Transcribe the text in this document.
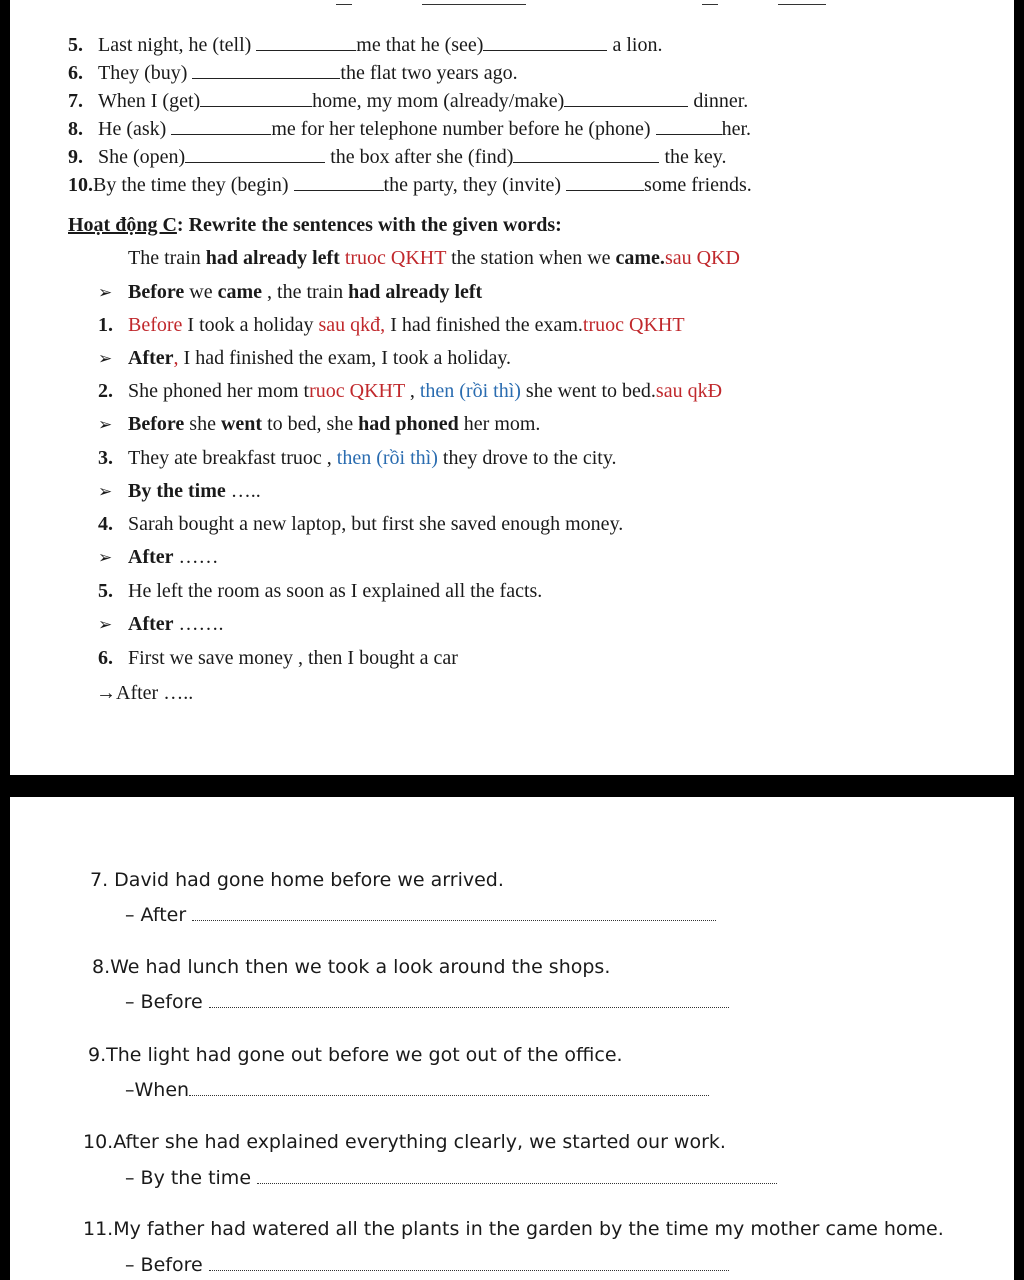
5. Last night, he (tell)	me that he (see)	a lion.
6. They (buy)	the flat two years ago.
7. When I (get)	home, my mom (already/make)	dinner.
8. He (ask)	me for her telephone number before he (phone)	her.
9. She (open)	the box after she (find)	the key.
10.By the time they (begin)	the party, they (invite)	some friends.
Hoạt động C: Rewrite the sentences with the given words:
The train had already left truoc QKHT the station when we came.sau QKD
➢ Before we came , the train had already left
1. Before I took a holiday sau qkđ, I had finished the exam.truoc QKHT
➢ After, I had finished the exam, I took a holiday.
2. She phoned her mom truoc QKHT , then (rồi thì) she went to bed.sau qkĐ
➢ Before she went to bed, she had phoned her mom.
3. They ate breakfast truoc , then (rồi thì) they drove to the city.
➢ By the time …..
4. Sarah bought a new laptop, but first she saved enough money.
➢ After ……
5. He left the room as soon as I explained all the facts.
➢ After …….
6. First we save money , then I bought a car
→After …..
7. David had gone home before we arrived.
– After
8.We had lunch then we took a look around the shops.
– Before
9.The light had gone out before we got out of the office.
–When
10.After she had explained everything clearly, we started our work.
– By the time
11.My father had watered all the plants in the garden by the time my mother came home.
– Before
